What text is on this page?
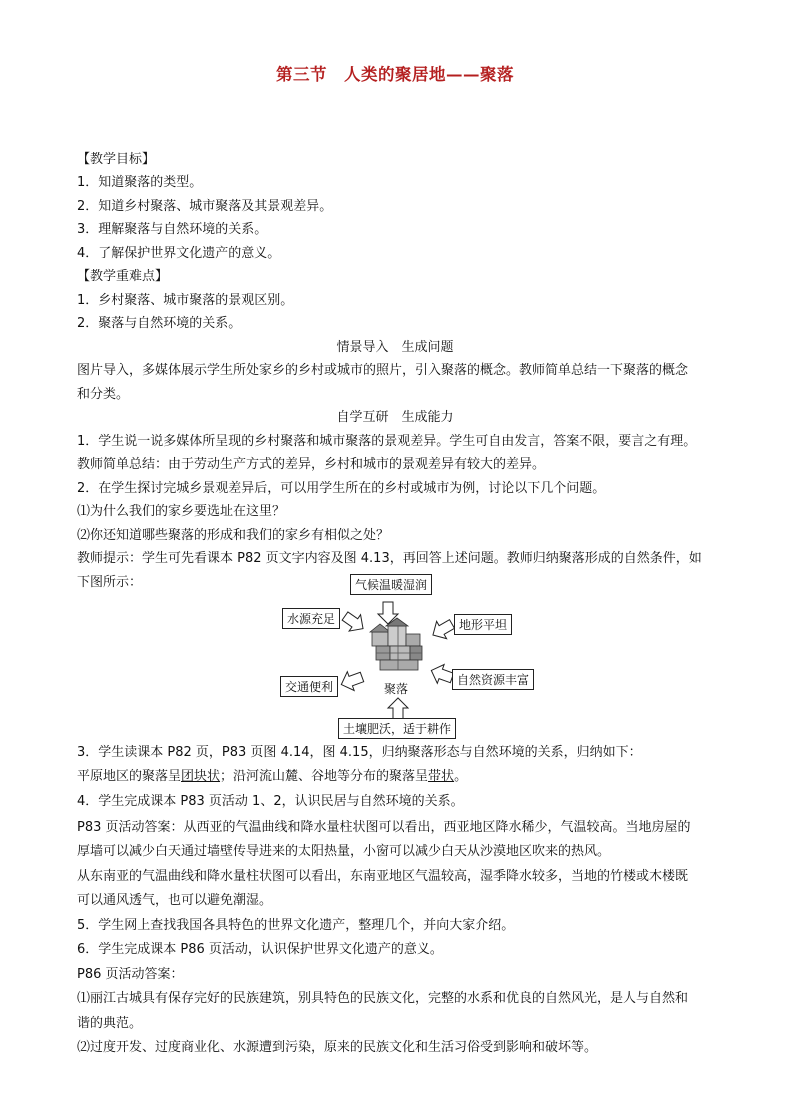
第三节　人类的聚居地——聚落
【教学目标】
1．知道聚落的类型。
2．知道乡村聚落、城市聚落及其景观差异。
3．理解聚落与自然环境的关系。
4．了解保护世界文化遗产的意义。
【教学重难点】
1．乡村聚落、城市聚落的景观区别。
2．聚落与自然环境的关系。
情景导入　生成问题
图片导入，多媒体展示学生所处家乡的乡村或城市的照片，引入聚落的概念。教师简单总结一下聚落的概念
和分类。
自学互研　生成能力
1．学生说一说多媒体所呈现的乡村聚落和城市聚落的景观差异。学生可自由发言，答案不限，要言之有理。
教师简单总结：由于劳动生产方式的差异，乡村和城市的景观差异有较大的差异。
2．在学生探讨完城乡景观差异后，可以用学生所在的乡村或城市为例，讨论以下几个问题。
⑴为什么我们的家乡要选址在这里？
⑵你还知道哪些聚落的形成和我们的家乡有相似之处？
教师提示：学生可先看课本 P82 页文字内容及图 4.13，再回答上述问题。教师归纳聚落形成的自然条件，如
下图所示：	气候温暖湿润
水源充足	地形平坦
交通便利	自然资源丰富
土壤肥沃，适于耕作
聚落
3．学生读课本 P82 页，P83 页图 4.14，图 4.15，归纳聚落形态与自然环境的关系，归纳如下：
平原地区的聚落呈团块状；沿河流山麓、谷地等分布的聚落呈带状。
4．学生完成课本 P83 页活动 1、2，认识民居与自然环境的关系。
P83 页活动答案：从西亚的气温曲线和降水量柱状图可以看出，西亚地区降水稀少，气温较高。当地房屋的
厚墙可以减少白天通过墙壁传导进来的太阳热量，小窗可以减少白天从沙漠地区吹来的热风。
从东南亚的气温曲线和降水量柱状图可以看出，东南亚地区气温较高，湿季降水较多，当地的竹楼或木楼既
可以通风透气，也可以避免潮湿。
5．学生网上查找我国各具特色的世界文化遗产，整理几个，并向大家介绍。
6．学生完成课本 P86 页活动，认识保护世界文化遗产的意义。
P86 页活动答案：
⑴丽江古城具有保存完好的民族建筑，别具特色的民族文化，完整的水系和优良的自然风光，是人与自然和
谐的典范。
⑵过度开发、过度商业化、水源遭到污染，原来的民族文化和生活习俗受到影响和破坏等。
